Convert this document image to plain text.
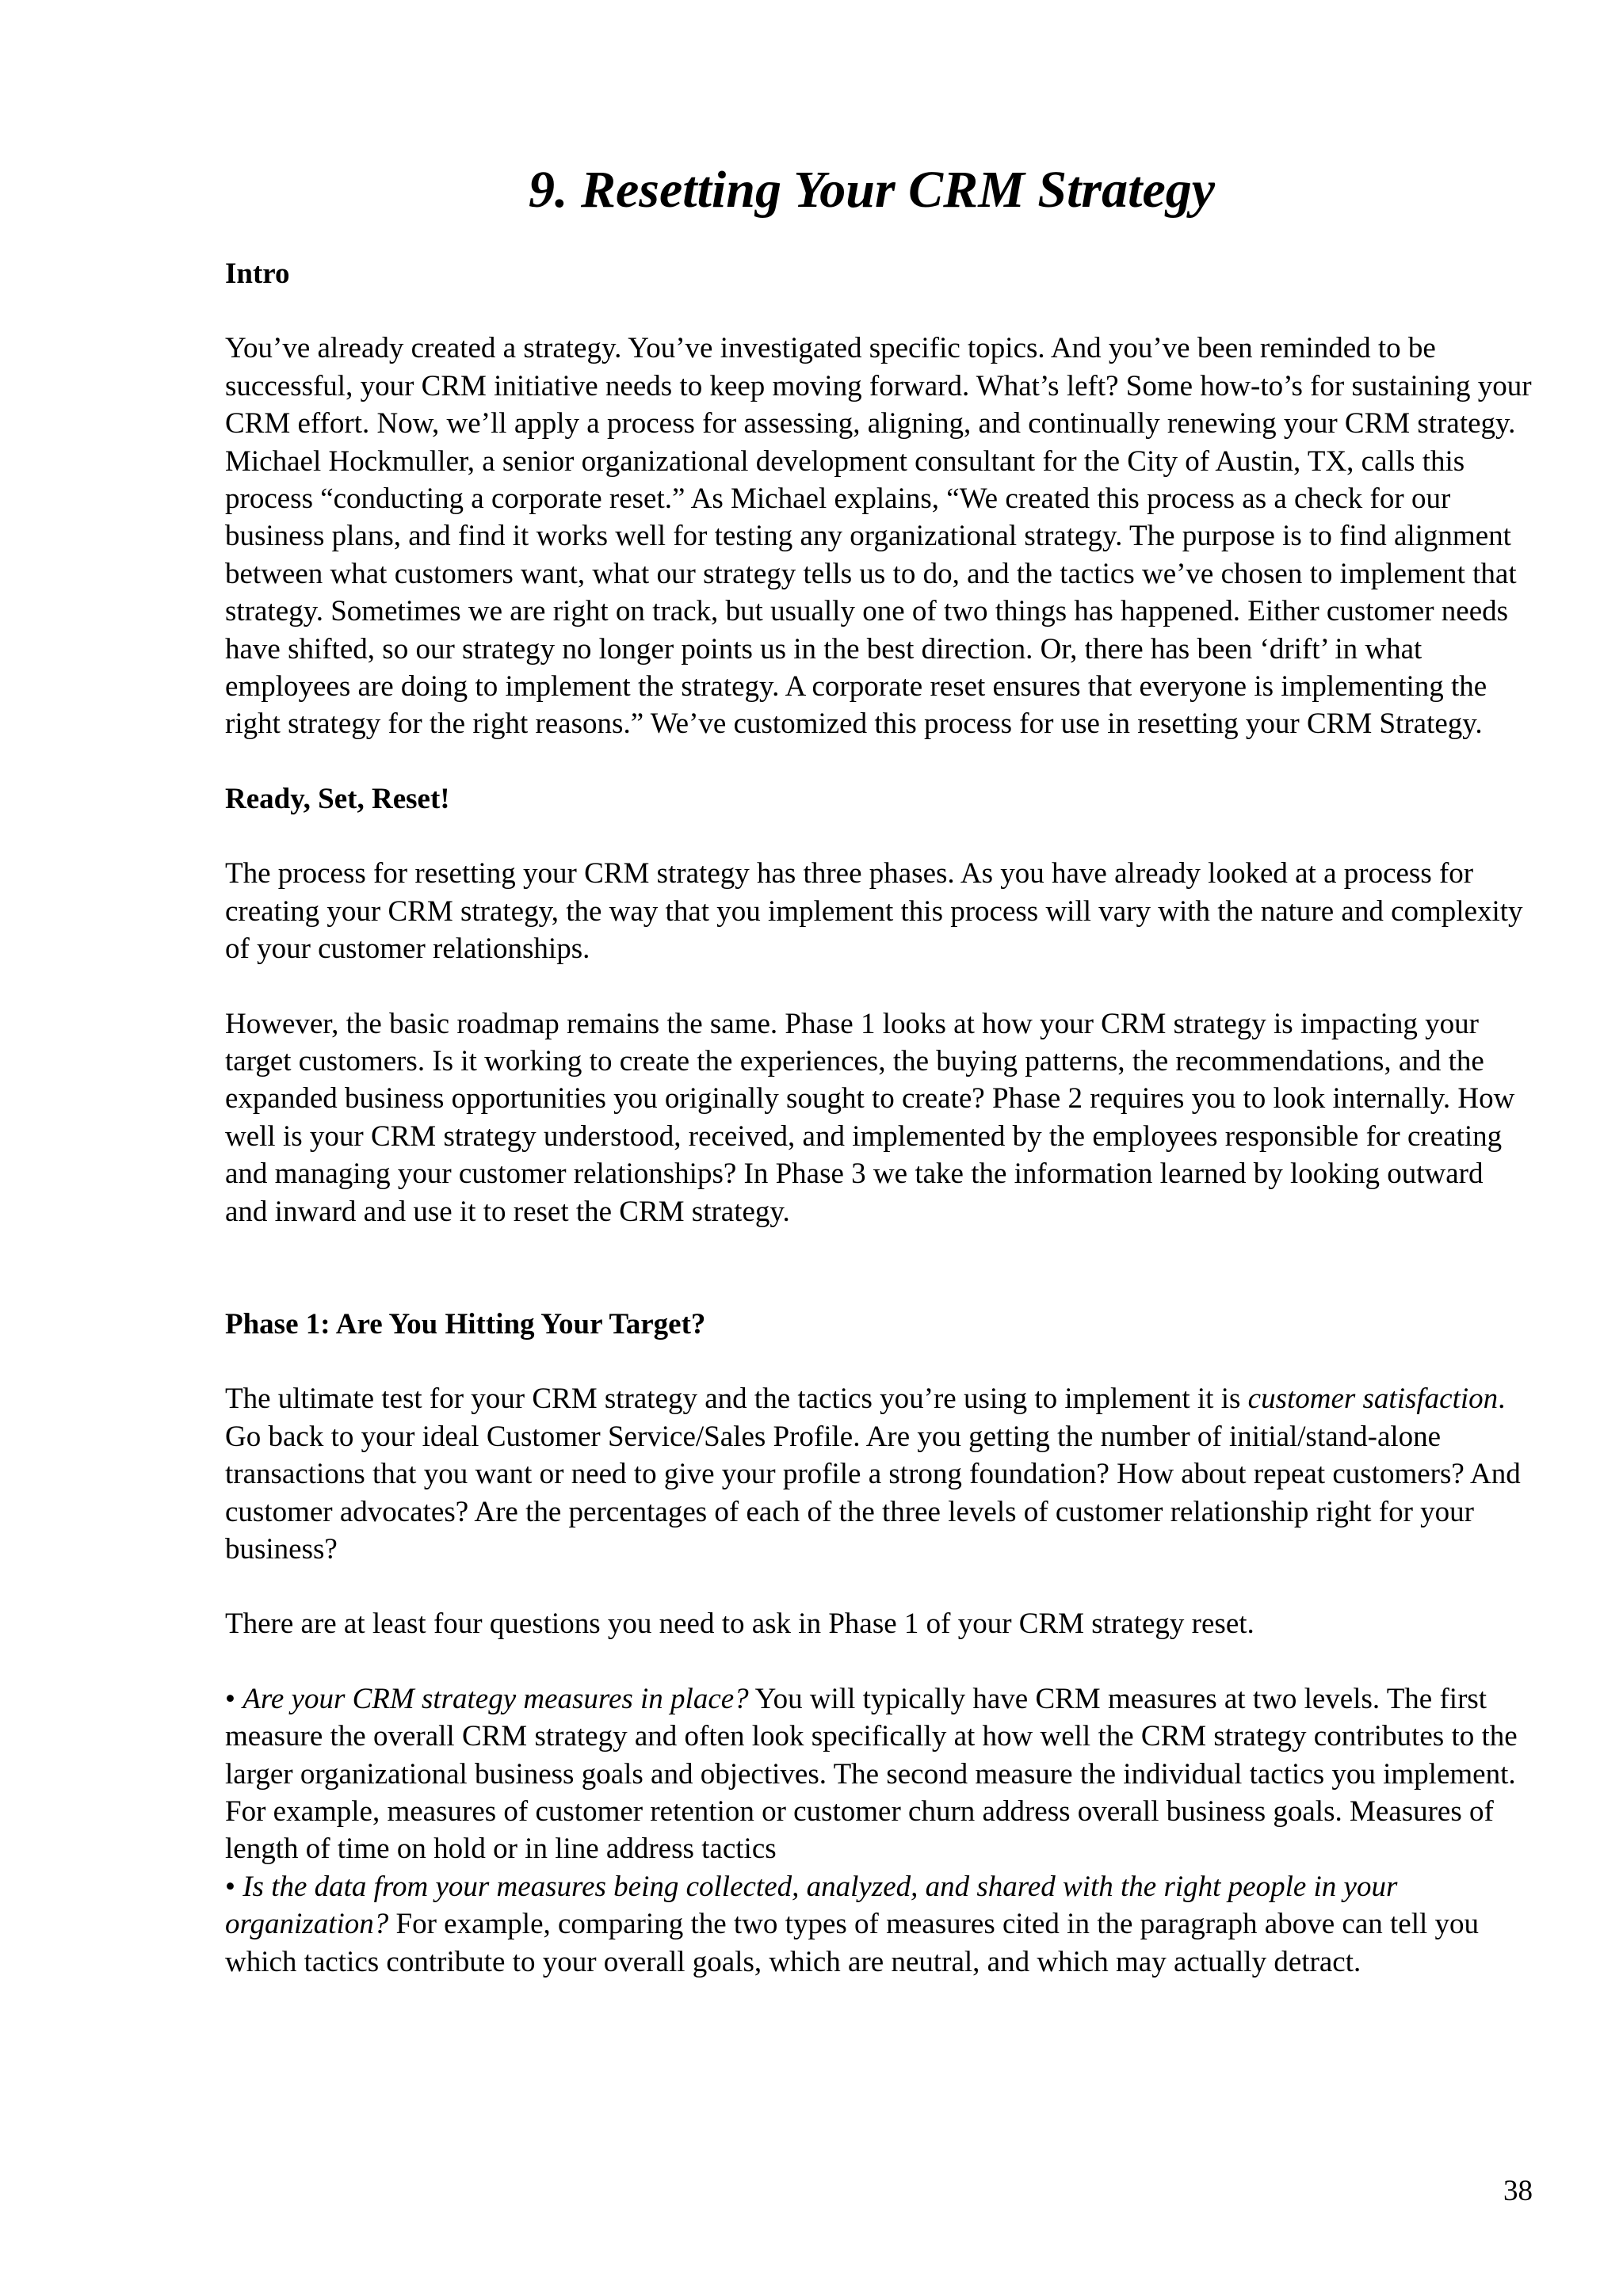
9. Resetting Your CRM Strategy

Intro

You’ve already created a strategy. You’ve investigated specific topics. And you’ve been reminded to be successful, your CRM initiative needs to keep moving forward. What’s left? Some how-to’s for sustaining your CRM effort. Now, we’ll apply a process for assessing, aligning, and continually renewing your CRM strategy. Michael Hockmuller, a senior organizational development consultant for the City of Austin, TX, calls this process “conducting a corporate reset.” As Michael explains, “We created this process as a check for our business plans, and find it works well for testing any organizational strategy. The purpose is to find alignment between what customers want, what our strategy tells us to do, and the tactics we’ve chosen to implement that strategy. Sometimes we are right on track, but usually one of two things has happened. Either customer needs have shifted, so our strategy no longer points us in the best direction. Or, there has been ‘drift’ in what employees are doing to implement the strategy. A corporate reset ensures that everyone is implementing the right strategy for the right reasons.” We’ve customized this process for use in resetting your CRM Strategy.

Ready, Set, Reset!

The process for resetting your CRM strategy has three phases. As you have already looked at a process for creating your CRM strategy, the way that you implement this process will vary with the nature and complexity of your customer relationships.

However, the basic roadmap remains the same. Phase 1 looks at how your CRM strategy is impacting your target customers. Is it working to create the experiences, the buying patterns, the recommendations, and the expanded business opportunities you originally sought to create? Phase 2 requires you to look internally. How well is your CRM strategy understood, received, and implemented by the employees responsible for creating and managing your customer relationships? In Phase 3 we take the information learned by looking outward and inward and use it to reset the CRM strategy.

Phase 1: Are You Hitting Your Target?

The ultimate test for your CRM strategy and the tactics you’re using to implement it is customer satisfaction. Go back to your ideal Customer Service/Sales Profile. Are you getting the number of initial/stand-alone transactions that you want or need to give your profile a strong foundation? How about repeat customers? And customer advocates? Are the percentages of each of the three levels of customer relationship right for your business?

There are at least four questions you need to ask in Phase 1 of your CRM strategy reset.

• Are your CRM strategy measures in place? You will typically have CRM measures at two levels. The first measure the overall CRM strategy and often look specifically at how well the CRM strategy contributes to the larger organizational business goals and objectives. The second measure the individual tactics you implement. For example, measures of customer retention or customer churn address overall business goals. Measures of length of time on hold or in line address tactics

• Is the data from your measures being collected, analyzed, and shared with the right people in your organization? For example, comparing the two types of measures cited in the paragraph above can tell you which tactics contribute to your overall goals, which are neutral, and which may actually detract.

38
